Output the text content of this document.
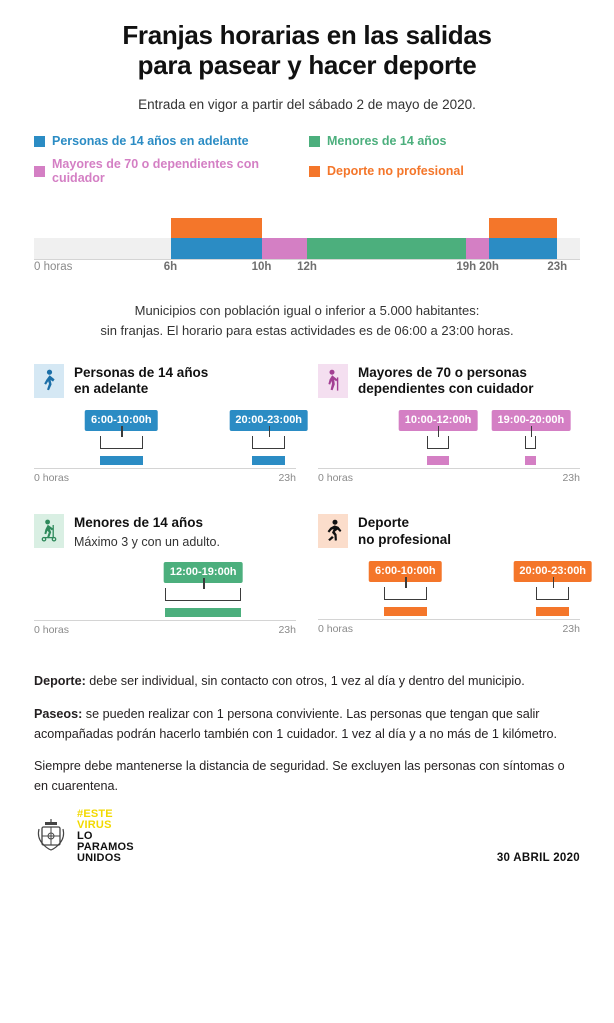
Franjas horarias en las salidas
para pasear y hacer deporte
Entrada en vigor a partir del sábado 2 de mayo de 2020.
Personas de 14 años en adelante	Menores de 14 años
Mayores de 70 o dependientes con cuidador	Deporte no profesional
0 horas	6h	10h 12h	19h 20h	23h
Municipios con población igual o inferior a 5.000 habitantes:
sin franjas. El horario para estas actividades es de 06:00 a 23:00 horas.
Personas de 14 años
en adelante
6:00-10:00h	20:00-23:00h
0 horas	23h
Mayores de 70 o personas
dependientes con cuidador
10:00-12:00h	19:00-20:00h
0 horas	23h
Menores de 14 años
Máximo 3 y con un adulto.
12:00-19:00h
0 horas	23h
Deporte
no profesional
6:00-10:00h	20:00-23:00h
0 horas	23h

Deporte: debe ser individual, sin contacto con otros, 1 vez al día y dentro del municipio.

Paseos: se pueden realizar con 1 persona conviviente. Las personas que tengan que salir acompañadas podrán hacerlo también con 1 cuidador. 1 vez al día y a no más de 1 kilómetro.

Siempre debe mantenerse la distancia de seguridad. Se excluyen las personas con síntomas o en cuarentena.

#ESTE
VIRUS
LO
PARAMOS
UNIDOS	30 ABRIL 2020
